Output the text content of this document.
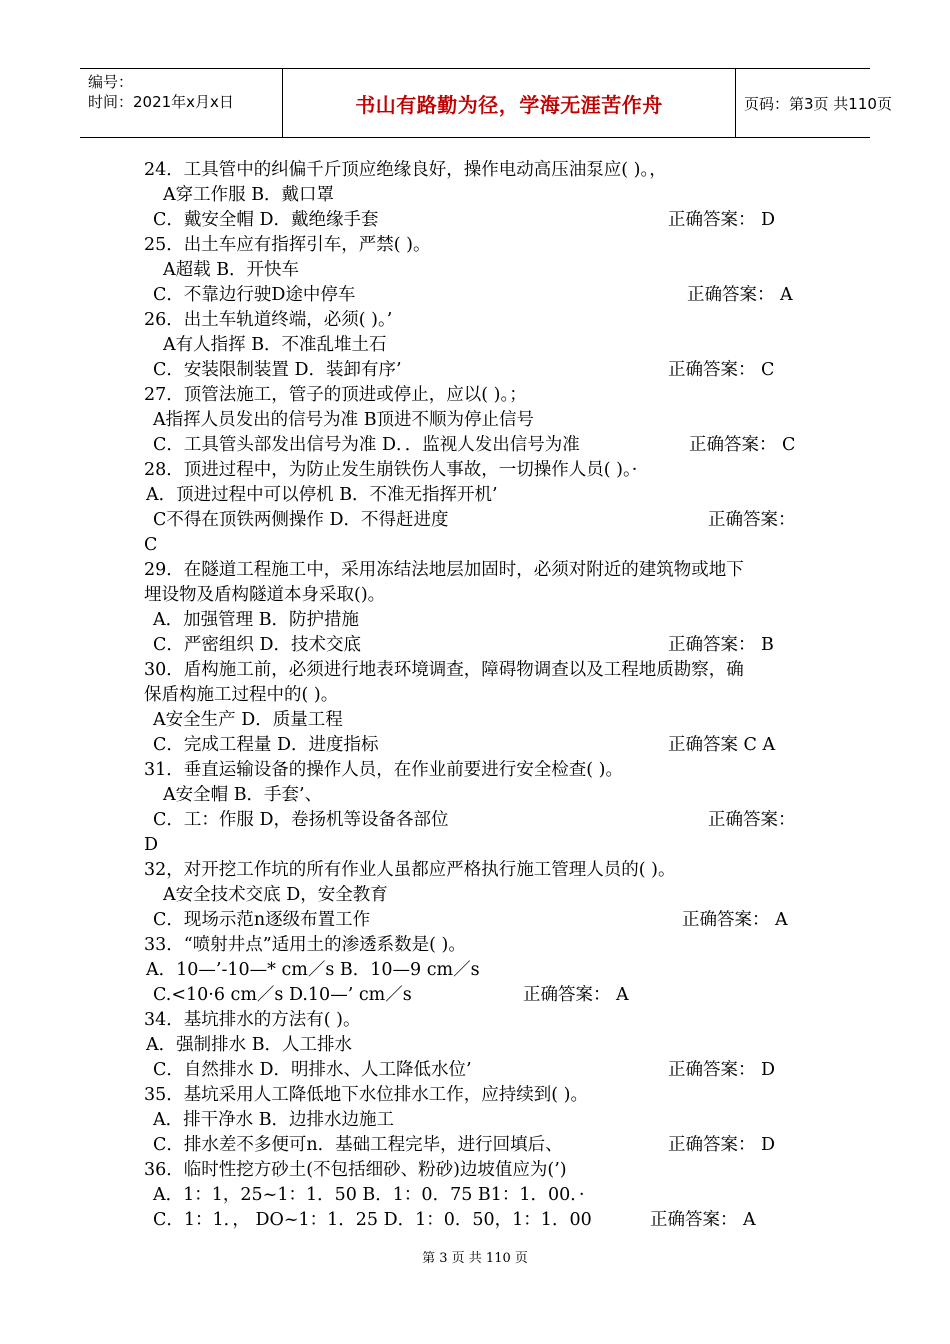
编号：
时间：2021年x月x日	书山有路勤为径，学海无涯苦作舟	页码：第3页 共110页
24．工具管中的纠偏千斤顶应绝缘良好，操作电动高压油泵应( )。，
A穿工作服 B．戴口罩
C．戴安全帽 D．戴绝缘手套	正确答案： D
25．出土车应有指挥引车，严禁( )。
A超载 B．开快车
C．不靠边行驶D途中停车	正确答案： A
26．出土车轨道终端，必须( )。’
A有人指挥 B．不准乱堆土石
C．安装限制装置 D．装卸有序’	正确答案： C
27．顶管法施工，管子的顶进或停止，应以( )。；
A指挥人员发出的信号为准 B顶进不顺为停止信号
C．工具管头部发出信号为准 D．．监视人发出信号为准	正确答案： C
28．顶进过程中，为防止发生崩铁伤人事故，一切操作人员( )。·
A．顶进过程中可以停机 B．不准无指挥开机’
C不得在顶铁两侧操作 D．不得赶进度	正确答案：
C
29．在隧道工程施工中，采用冻结法地层加固时，必须对附近的建筑物或地下
埋设物及盾构隧道本身采取()。
A．加强管理 B．防护措施
C．严密组织 D．技术交底	正确答案： B
30．盾构施工前，必须进行地表环境调查，障碍物调查以及工程地质勘察，确
保盾构施工过程中的( )。
A安全生产 D．质量工程
C．完成工程量 D．进度指标	正确答案 C A
31．垂直运输设备的操作人员，在作业前要进行安全检查( )。
A安全帽 B．手套’、
C．工：作服 D，卷扬机等设备各部位	正确答案：
D
32，对开挖工作坑的所有作业人虽都应严格执行施工管理人员的( )。
A安全技术交底 D，安全教育
C．现场示范n逐级布置工作	正确答案： A
33．“喷射井点”适用土的渗透系数是( )。
A．10—’-10—* cm／s B．10—9 cm／s
C.<10·6 cm／s D.10—’ cm／s	正确答案： A
34．基坑排水的方法有( )。
A．强制排水 B．人工排水
C．自然排水 D．明排水、人工降低水位’	正确答案： D
35．基坑采用人工降低地下水位排水工作，应持续到( )。
A．排干净水 B．边排水边施工
C．排水差不多便可n．基础工程完毕，进行回填后、	正确答案： D
36．临时性挖方砂土(不包括细砂、粉砂)边坡值应为(’)
A．1：1，25~1：1．50 B．1：0．75 B1：1．00．·
C．1：1．， DO~1：1．25 D．1：0．50，1：1．00	正确答案： A
第 3 页 共 110 页
